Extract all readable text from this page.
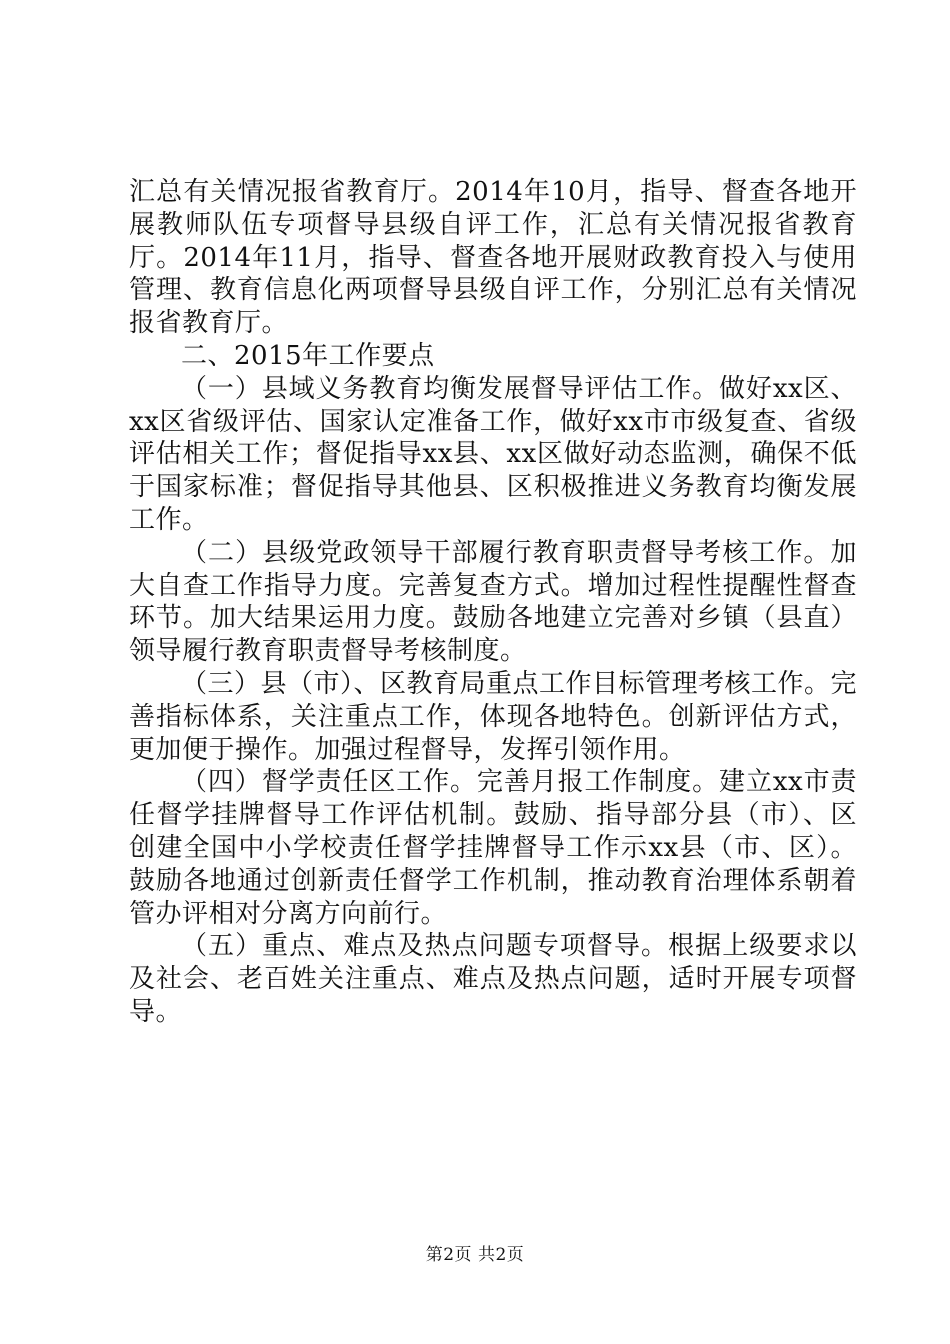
汇总有关情况报省教育厅。2014年10月，指导、督查各地开展教师队伍专项督导县级自评工作，汇总有关情况报省教育厅。2014年11月，指导、督查各地开展财政教育投入与使用管理、教育信息化两项督导县级自评工作，分别汇总有关情况报省教育厅。

二、2015年工作要点

（一）县域义务教育均衡发展督导评估工作。做好xx区、xx区省级评估、国家认定准备工作，做好xx市市级复查、省级评估相关工作；督促指导xx县、xx区做好动态监测，确保不低于国家标准；督促指导其他县、区积极推进义务教育均衡发展工作。

（二）县级党政领导干部履行教育职责督导考核工作。加大自查工作指导力度。完善复查方式。增加过程性提醒性督查环节。加大结果运用力度。鼓励各地建立完善对乡镇（县直）领导履行教育职责督导考核制度。

（三）县（市）、区教育局重点工作目标管理考核工作。完善指标体系，关注重点工作，体现各地特色。创新评估方式，更加便于操作。加强过程督导，发挥引领作用。

（四）督学责任区工作。完善月报工作制度。建立xx市责任督学挂牌督导工作评估机制。鼓励、指导部分县（市）、区创建全国中小学校责任督学挂牌督导工作示xx县（市、区）。鼓励各地通过创新责任督学工作机制，推动教育治理体系朝着管办评相对分离方向前行。

（五）重点、难点及热点问题专项督导。根据上级要求以及社会、老百姓关注重点、难点及热点问题，适时开展专项督导。

第2页 共2页
